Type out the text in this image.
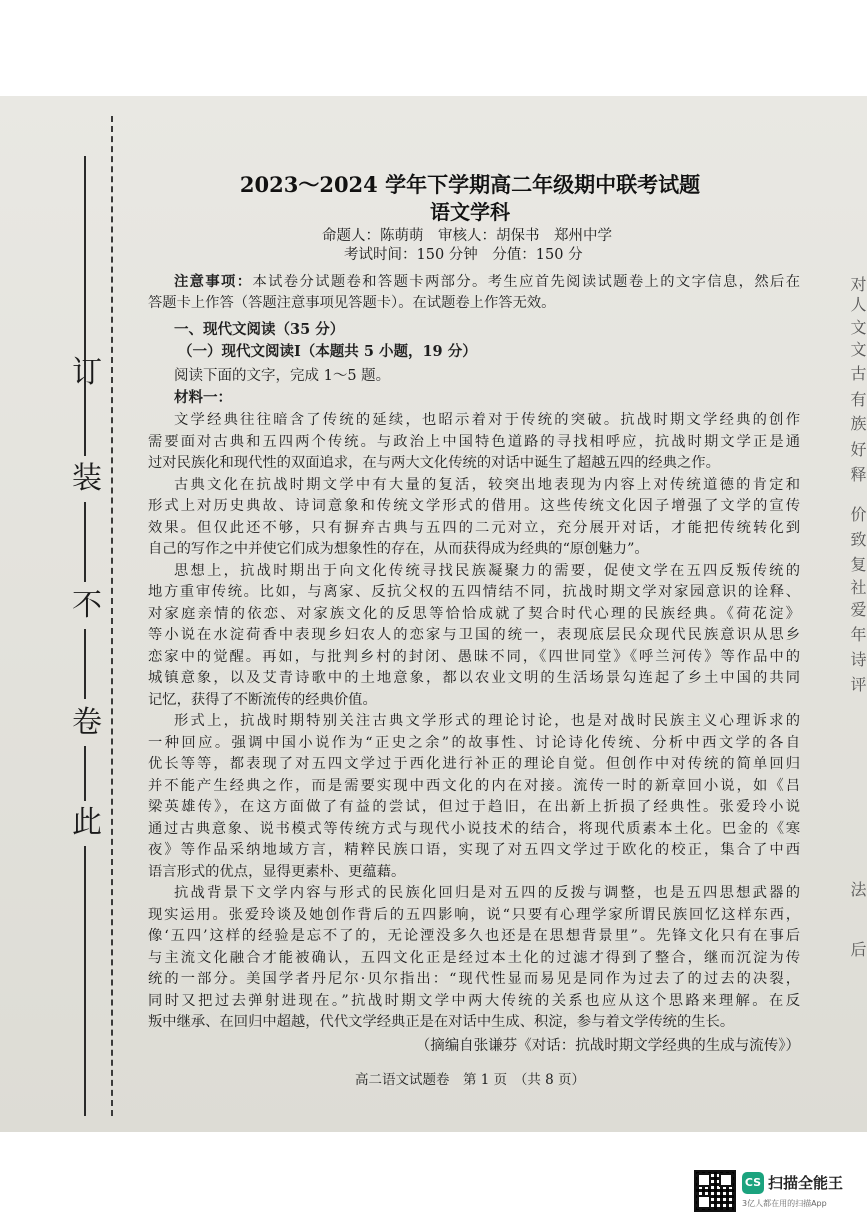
订
装
不
卷
此
对
人
文
文
古
有
族
好
释
价
致
复
社
爱
年
诗
评
法
后
2023～2024 学年下学期高二年级期中联考试题
语文学科
命题人：陈萌萌　审核人：胡保书　郑州中学
考试时间：150 分钟　分值：150 分
注意事项：本试卷分试题卷和答题卡两部分。考生应首先阅读试题卷上的文字信息，然后在
答题卡上作答（答题注意事项见答题卡）。在试题卷上作答无效。
一、现代文阅读（35 分）
（一）现代文阅读Ⅰ（本题共 5 小题，19 分）
阅读下面的文字，完成 1～5 题。
材料一：
文学经典往往暗含了传统的延续，也昭示着对于传统的突破。抗战时期文学经典的创作
需要面对古典和五四两个传统。与政治上中国特色道路的寻找相呼应，抗战时期文学正是通
过对民族化和现代性的双面追求，在与两大文化传统的对话中诞生了超越五四的经典之作。
古典文化在抗战时期文学中有大量的复活，较突出地表现为内容上对传统道德的肯定和
形式上对历史典故、诗词意象和传统文学形式的借用。这些传统文化因子增强了文学的宣传
效果。但仅此还不够，只有摒弃古典与五四的二元对立，充分展开对话，才能把传统转化到
自己的写作之中并使它们成为想象性的存在，从而获得成为经典的“原创魅力”。
思想上，抗战时期出于向文化传统寻找民族凝聚力的需要，促使文学在五四反叛传统的
地方重审传统。比如，与离家、反抗父权的五四情结不同，抗战时期文学对家园意识的诠释、
对家庭亲情的依恋、对家族文化的反思等恰恰成就了契合时代心理的民族经典。《荷花淀》
等小说在水淀荷香中表现乡妇农人的恋家与卫国的统一，表现底层民众现代民族意识从思乡
恋家中的觉醒。再如，与批判乡村的封闭、愚昧不同，《四世同堂》《呼兰河传》等作品中的
城镇意象，以及艾青诗歌中的土地意象，都以农业文明的生活场景勾连起了乡土中国的共同
记忆，获得了不断流传的经典价值。
形式上，抗战时期特别关注古典文学形式的理论讨论，也是对战时民族主义心理诉求的
一种回应。强调中国小说作为“正史之余”的故事性、讨论诗化传统、分析中西文学的各自
优长等等，都表现了对五四文学过于西化进行补正的理论自觉。但创作中对传统的简单回归
并不能产生经典之作，而是需要实现中西文化的内在对接。流传一时的新章回小说，如《吕
梁英雄传》，在这方面做了有益的尝试，但过于趋旧，在出新上折损了经典性。张爱玲小说
通过古典意象、说书模式等传统方式与现代小说技术的结合，将现代质素本土化。巴金的《寒
夜》等作品采纳地域方言，精粹民族口语，实现了对五四文学过于欧化的校正，集合了中西
语言形式的优点，显得更素朴、更蕴藉。
抗战背景下文学内容与形式的民族化回归是对五四的反拨与调整，也是五四思想武器的
现实运用。张爱玲谈及她创作背后的五四影响，说“只要有心理学家所谓民族回忆这样东西，
像‘五四’这样的经验是忘不了的，无论湮没多久也还是在思想背景里”。先锋文化只有在事后
与主流文化融合才能被确认，五四文化正是经过本土化的过滤才得到了整合，继而沉淀为传
统的一部分。美国学者丹尼尔·贝尔指出：“现代性显而易见是同作为过去了的过去的决裂，
同时又把过去弹射进现在。”抗战时期文学中两大传统的关系也应从这个思路来理解。在反
叛中继承、在回归中超越，代代文学经典正是在对话中生成、积淀，参与着文学传统的生长。
（摘编自张谦芬《对话：抗战时期文学经典的生成与流传》）
高二语文试题卷　第 1 页　（共 8 页）
CS 扫描全能王
3亿人都在用的扫描App
